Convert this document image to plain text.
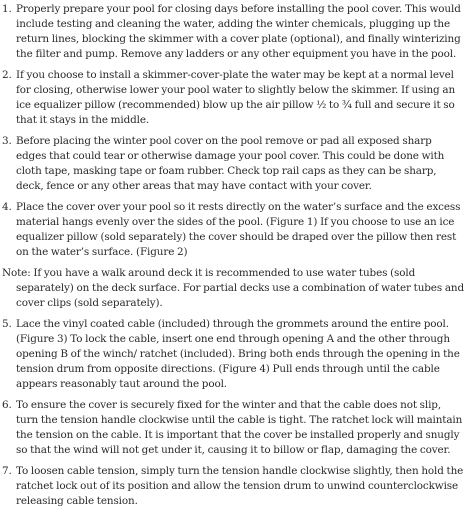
1. Properly prepare your pool for closing days before installing the pool cover. This would include testing and cleaning the water, adding the winter chemicals, plugging up the return lines, blocking the skimmer with a cover plate (optional), and finally winterizing the filter and pump. Remove any ladders or any other equipment you have in the pool.
2. If you choose to install a skimmer-cover-plate the water may be kept at a normal level for closing, otherwise lower your pool water to slightly below the skimmer. If using an ice equalizer pillow (recommended) blow up the air pillow ½ to ¾ full and secure it so that it stays in the middle.
3. Before placing the winter pool cover on the pool remove or pad all exposed sharp edges that could tear or otherwise damage your pool cover. This could be done with cloth tape, masking tape or foam rubber. Check top rail caps as they can be sharp, deck, fence or any other areas that may have contact with your cover.
4. Place the cover over your pool so it rests directly on the water’s surface and the excess material hangs evenly over the sides of the pool. (Figure 1) If you choose to use an ice equalizer pillow (sold separately) the cover should be draped over the pillow then rest on the water’s surface. (Figure 2)
Note: If you have a walk around deck it is recommended to use water tubes (sold separately) on the deck surface. For partial decks use a combination of water tubes and cover clips (sold separately).
5. Lace the vinyl coated cable (included) through the grommets around the entire pool. (Figure 3) To lock the cable, insert one end through opening A and the other through opening B of the winch/ ratchet (included). Bring both ends through the opening in the tension drum from opposite directions. (Figure 4) Pull ends through until the cable appears reasonably taut around the pool.
6. To ensure the cover is securely fixed for the winter and that the cable does not slip, turn the tension handle clockwise until the cable is tight. The ratchet lock will maintain the tension on the cable. It is important that the cover be installed properly and snugly so that the wind will not get under it, causing it to billow or flap, damaging the cover.
7. To loosen cable tension, simply turn the tension handle clockwise slightly, then hold the ratchet lock out of its position and allow the tension drum to unwind counterclockwise releasing cable tension.
